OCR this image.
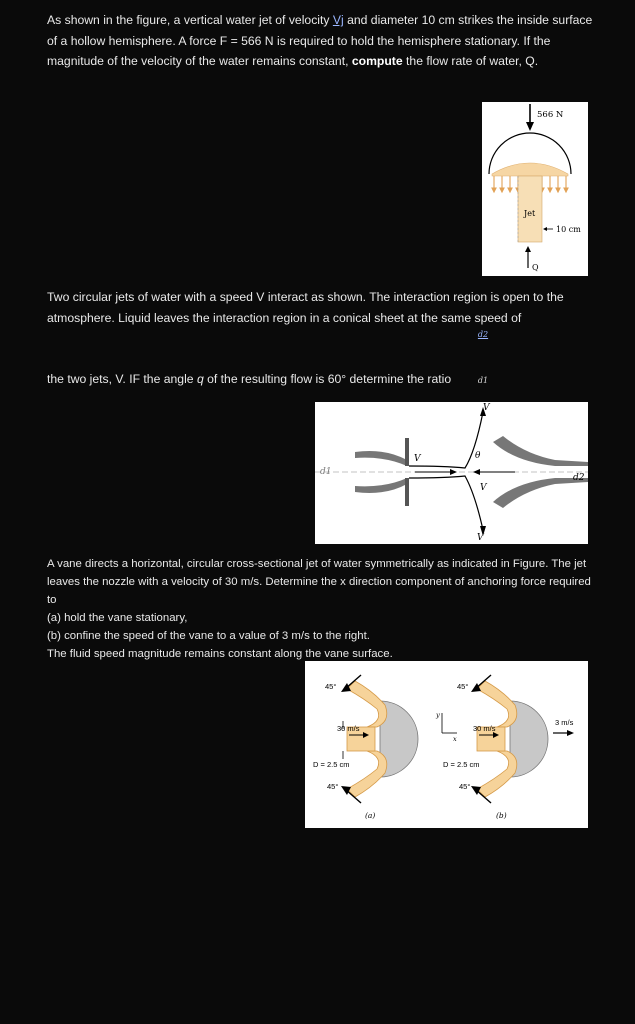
As shown in the figure, a vertical water jet of velocity Vj and diameter 10 cm strikes the inside surface of a hollow hemisphere. A force F = 566 N is required to hold the hemisphere stationary. If the magnitude of the velocity of the water remains constant, compute the flow rate of water, Q.

566 N
Jet
10 cm
Q

Two circular jets of water with a speed V interact as shown. The interaction region is open to the atmosphere. Liquid leaves the interaction region in a conical sheet at the same speed of

$\frac{d2}{d1}$

the two jets, V. IF the angle q of the resulting flow is 60° determine the ratio

V
V
V
V
θ
d1
d2

A vane directs a horizontal, circular cross-sectional jet of water symmetrically as indicated in Figure. The jet leaves the nozzle with a velocity of 30 m/s. Determine the x direction component of anchoring force required to

(a) hold the vane stationary,

(b) confine the speed of the vane to a value of 3 m/s to the right.

The fluid speed magnitude remains constant along the vane surface.

45°
45°
30 m/s
D = 2.5 cm
(a)
y
x
45°
45°
30 m/s
D = 2.5 cm
3 m/s
(b)
